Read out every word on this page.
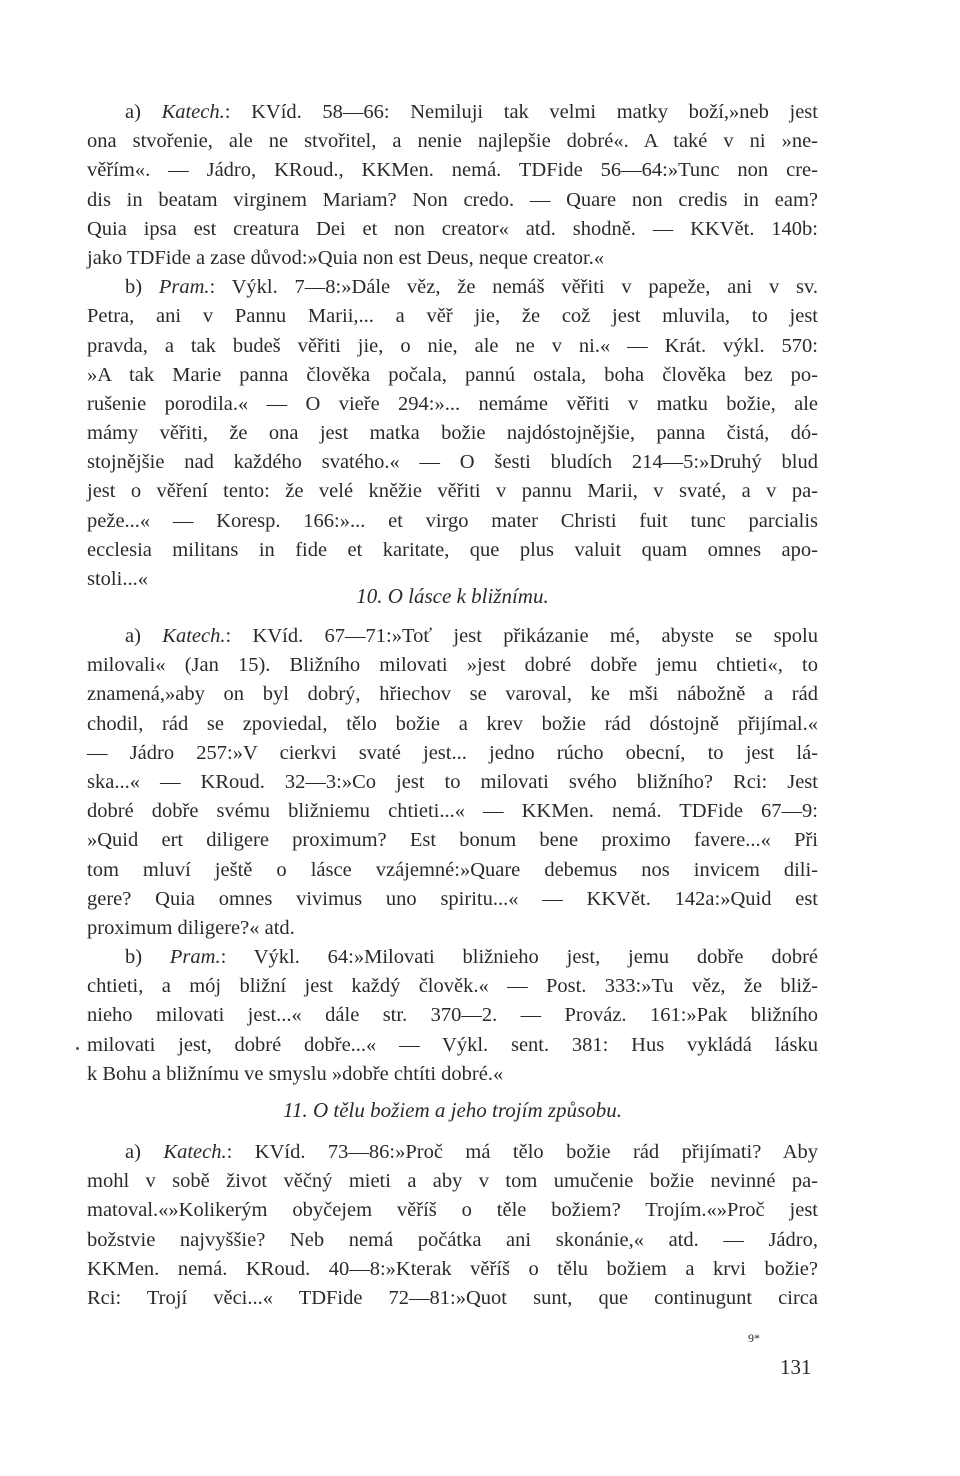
a) Katech.: KVíd. 58—66: Nemiluji tak velmi matky boží,»neb jest
ona stvořenie, ale ne stvořitel, a nenie najlepšie dobré«. A také v ni »ne-
věřím«. — Jádro, KRoud., KKMen. nemá. TDFide 56—64:»Tunc non cre-
dis in beatam virginem Mariam? Non credo. — Quare non credis in eam?
Quia ipsa est creatura Dei et non creator« atd. shodně. — KKVět. 140b:
jako TDFide a zase důvod:»Quia non est Deus, neque creator.«
b) Pram.: Výkl. 7—8:»Dále věz, že nemáš věřiti v papeže, ani v sv.
Petra, ani v Pannu Marii,... a věř jie, že což jest mluvila, to jest
pravda, a tak budeš věřiti jie, o nie, ale ne v ni.« — Krát. výkl. 570:
»A tak Marie panna člověka počala, pannú ostala, boha člověka bez po-
rušenie porodila.« — O vieře 294:»... nemáme věřiti v matku božie, ale
mámy věřiti, že ona jest matka božie najdóstojnějšie, panna čistá, dó-
stojnějšie nad každého svatého.« — O šesti bludích 214—5:»Druhý blud
jest o věření tento: že velé kněžie věřiti v pannu Marii, v svaté, a v pa-
peže...« — Koresp. 166:»... et virgo mater Christi fuit tunc parcialis
ecclesia militans in fide et karitate, que plus valuit quam omnes apo-
stoli...«
10. O lásce k bližnímu.
a) Katech.: KVíd. 67—71:»Toť jest přikázanie mé, abyste se spolu
milovali« (Jan 15). Bližního milovati »jest dobré dobře jemu chtieti«, to
znamená,»aby on byl dobrý, hřiechov se varoval, ke mši nábožně a rád
chodil, rád se zpoviedal, tělo božie a krev božie rád dóstojně přijímal.«
— Jádro 257:»V cierkvi svaté jest... jedno rúcho obecní, to jest lá-
ska...« — KRoud. 32—3:»Co jest to milovati svého bližního? Rci: Jest
dobré dobře svému bližniemu chtieti...« — KKMen. nemá. TDFide 67—9:
»Quid ert diligere proximum? Est bonum bene proximo favere...« Při
tom mluví ještě o lásce vzájemné:»Quare debemus nos invicem dili-
gere? Quia omnes vivimus uno spiritu...« — KKVět. 142a:»Quid est
proximum diligere?« atd.
b) Pram.: Výkl. 64:»Milovati bližnieho jest, jemu dobře dobré
chtieti, a mój bližní jest každý člověk.« — Post. 333:»Tu věz, že bliž-
nieho milovati jest...« dále str. 370—2. — Prováz. 161:»Pak bližního
milovati jest, dobré dobře...« — Výkl. sent. 381: Hus vykládá lásku
k Bohu a bližnímu ve smyslu »dobře chtíti dobré.«
11. O tělu božiem a jeho trojím způsobu.
a) Katech.: KVíd. 73—86:»Proč má tělo božie rád přijímati? Aby
mohl v sobě život věčný mieti a aby v tom umučenie božie nevinné pa-
matoval.«»Kolikerým obyčejem věříš o těle božiem? Trojím.«»Proč jest
božstvie najvyššie? Neb nemá počátka ani skonánie,« atd. — Jádro,
KKMen. nemá. KRoud. 40—8:»Kterak věříš o tělu božiem a krvi božie?
Rci: Trojí věci...« TDFide 72—81:»Quot sunt, que continugunt circa
9*
131
